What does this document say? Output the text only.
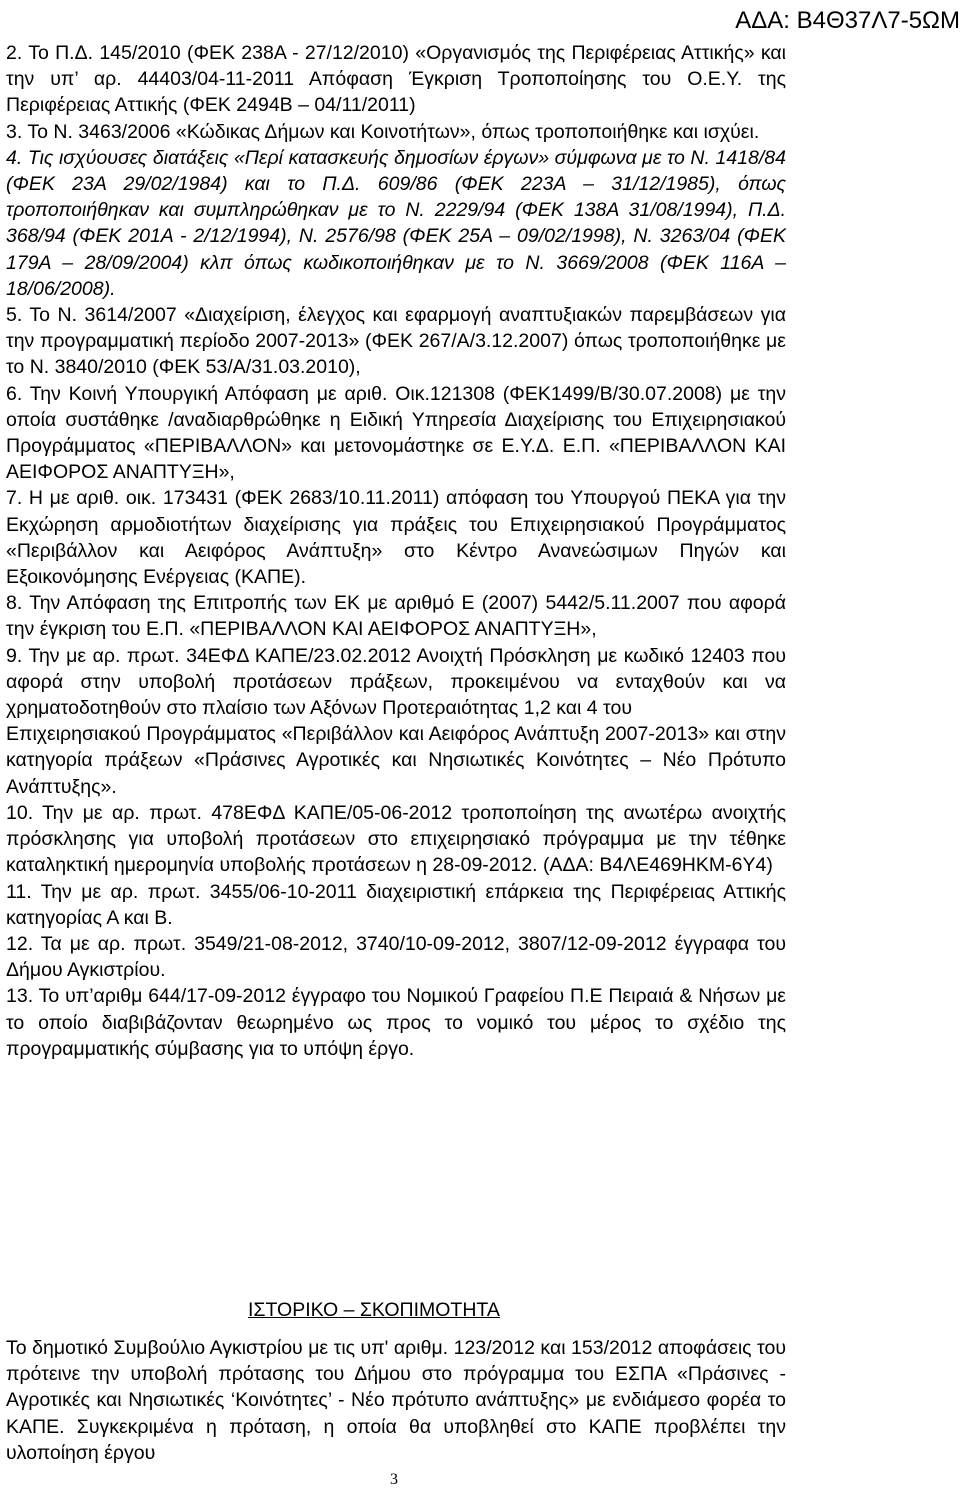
ΑΔΑ: Β4Θ37Λ7-5ΩΜ

2. Το Π.Δ. 145/2010 (ΦΕΚ 238Α - 27/12/2010) «Οργανισμός της Περιφέρειας Αττικής» και την υπ’ αρ. 44403/04-11-2011 Απόφαση Έγκριση Τροποποίησης του Ο.Ε.Υ. της Περιφέρειας Αττικής (ΦΕΚ 2494Β – 04/11/2011)

3. Το Ν. 3463/2006 «Κώδικας Δήμων και Κοινοτήτων», όπως τροποποιήθηκε και ισχύει.

4. Τις ισχύουσες διατάξεις «Περί κατασκευής δημοσίων έργων» σύμφωνα με το Ν. 1418/84 (ΦΕΚ 23Α 29/02/1984) και το Π.Δ. 609/86 (ΦΕΚ 223Α – 31/12/1985), όπως τροποποιήθηκαν και συμπληρώθηκαν με το Ν. 2229/94 (ΦΕΚ 138Α 31/08/1994), Π.Δ. 368/94 (ΦΕΚ 201Α - 2/12/1994), Ν. 2576/98 (ΦΕΚ 25Α – 09/02/1998), Ν. 3263/04 (ΦΕΚ 179Α – 28/09/2004) κλπ όπως κωδικοποιήθηκαν με το Ν. 3669/2008 (ΦΕΚ 116Α – 18/06/2008).

5. Το Ν. 3614/2007 «Διαχείριση, έλεγχος και εφαρμογή αναπτυξιακών παρεμβάσεων για την προγραμματική περίοδο 2007-2013» (ΦΕΚ 267/Α/3.12.2007) όπως τροποποιήθηκε με το Ν. 3840/2010 (ΦΕΚ 53/Α/31.03.2010),

6. Την Κοινή Υπουργική Απόφαση με αριθ. Οικ.121308 (ΦΕΚ1499/Β/30.07.2008) με την οποία συστάθηκε /αναδιαρθρώθηκε η Ειδική Υπηρεσία Διαχείρισης του Επιχειρησιακού Προγράμματος «ΠΕΡΙΒΑΛΛΟΝ» και μετονομάστηκε σε Ε.Υ.Δ. Ε.Π. «ΠΕΡΙΒΑΛΛΟΝ ΚΑΙ ΑΕΙΦΟΡΟΣ ΑΝΑΠΤΥΞΗ»,

7. Η με αριθ. οικ. 173431 (ΦΕΚ 2683/10.11.2011) απόφαση του Υπουργού ΠΕΚΑ για την Εκχώρηση αρμοδιοτήτων διαχείρισης για πράξεις του Επιχειρησιακού Προγράμματος «Περιβάλλον και Αειφόρος Ανάπτυξη» στο Κέντρο Ανανεώσιμων Πηγών και Εξοικονόμησης Ενέργειας (ΚΑΠΕ).

8. Την Απόφαση της Επιτροπής των ΕΚ με αριθμό Ε (2007) 5442/5.11.2007 που αφορά την έγκριση του Ε.Π. «ΠΕΡΙΒΑΛΛΟΝ ΚΑΙ ΑΕΙΦΟΡΟΣ ΑΝΑΠΤΥΞΗ»,

9. Την με αρ. πρωτ. 34ΕΦΔ ΚΑΠΕ/23.02.2012 Ανοιχτή Πρόσκληση με κωδικό 12403 που αφορά στην υποβολή προτάσεων πράξεων, προκειμένου να ενταχθούν και να χρηματοδοτηθούν στο πλαίσιο των Αξόνων Προτεραιότητας 1,2 και 4 του

Επιχειρησιακού Προγράμματος «Περιβάλλον και Αειφόρος Ανάπτυξη 2007-2013» και στην κατηγορία πράξεων «Πράσινες Αγροτικές και Νησιωτικές Κοινότητες – Νέο Πρότυπο Ανάπτυξης».

10. Την με αρ. πρωτ. 478ΕΦΔ ΚΑΠΕ/05-06-2012 τροποποίηση της ανωτέρω ανοιχτής πρόσκλησης για υποβολή προτάσεων στο επιχειρησιακό πρόγραμμα με την τέθηκε καταληκτική ημερομηνία υποβολής προτάσεων η 28-09-2012. (ΑΔΑ: Β4ΛΕ469ΗΚΜ-6Υ4)

11. Την με αρ. πρωτ. 3455/06-10-2011 διαχειριστική επάρκεια της Περιφέρειας Αττικής κατηγορίας Α και Β.

12. Τα με αρ. πρωτ. 3549/21-08-2012, 3740/10-09-2012, 3807/12-09-2012 έγγραφα του Δήμου Αγκιστρίου.

13. Το υπ’αριθμ 644/17-09-2012 έγγραφο του Νομικού Γραφείου Π.Ε Πειραιά & Νήσων με το οποίο διαβιβάζονταν θεωρημένο ως προς το νομικό του μέρος το σχέδιο της προγραμματικής σύμβασης για το υπόψη έργο.

ΙΣΤΟΡΙΚΟ – ΣΚΟΠΙΜΟΤΗΤΑ

Το δημοτικό Συμβούλιο Αγκιστρίου με τις υπ' αριθμ. 123/2012 και 153/2012 αποφάσεις του πρότεινε την υποβολή πρότασης του Δήμου στο πρόγραμμα του ΕΣΠΑ «Πράσινες - Αγροτικές και Νησιωτικές ‘Κοινότητες’ - Νέο πρότυπο ανάπτυξης» με ενδιάμεσο φορέα το ΚΑΠΕ. Συγκεκριμένα η πρόταση, η οποία θα υποβληθεί στο ΚΑΠΕ προβλέπει την υλοποίηση έργου

3
